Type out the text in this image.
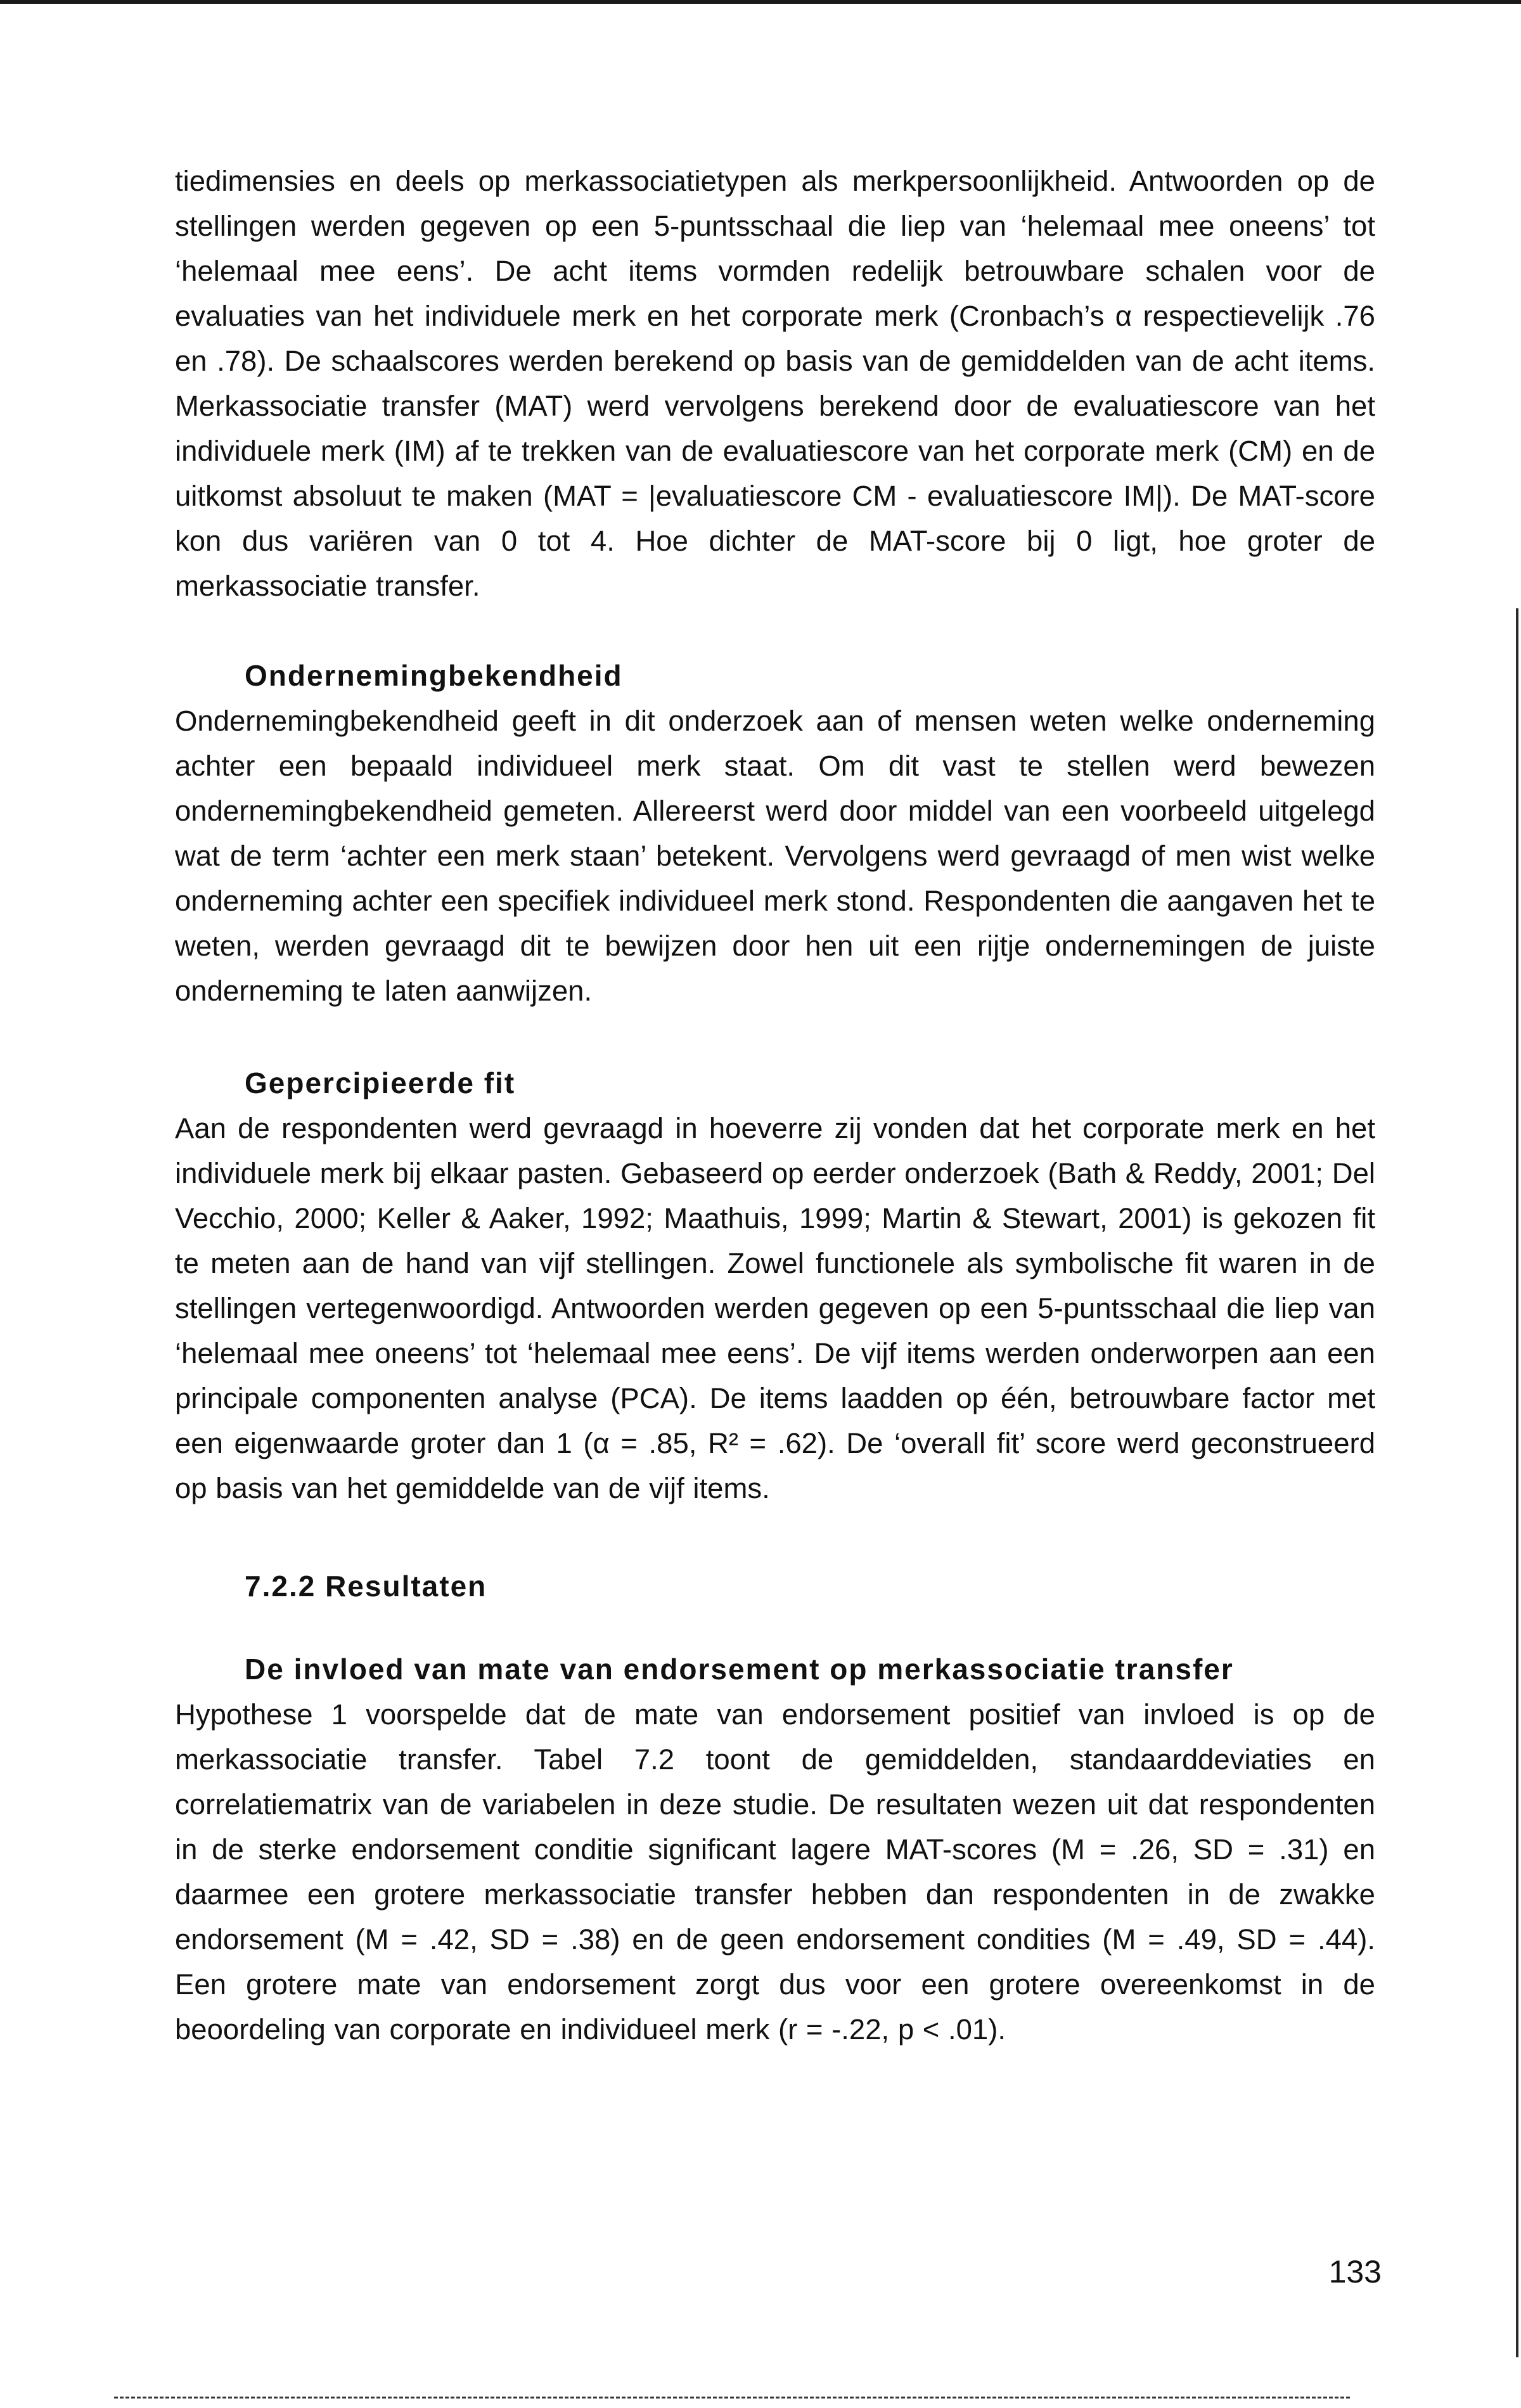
tiedimensies en deels op merkassociatietypen als merkpersoonlijkheid. Antwoorden op de stellingen werden gegeven op een 5-puntsschaal die liep van ‘helemaal mee oneens’ tot ‘helemaal mee eens’. De acht items vormden redelijk betrouwbare schalen voor de evaluaties van het individuele merk en het corporate merk (Cronbach’s α respectievelijk .76 en .78). De schaalscores werden berekend op basis van de gemiddelden van de acht items. Merkassociatie transfer (MAT) werd vervolgens berekend door de evaluatiescore van het individuele merk (IM) af te trekken van de evaluatiescore van het corporate merk (CM) en de uitkomst absoluut te maken (MAT = |evaluatiescore CM - evaluatiescore IM|). De MAT-score kon dus variëren van 0 tot 4. Hoe dichter de MAT-score bij 0 ligt, hoe groter de merkassociatie transfer.

Ondernemingbekendheid

Ondernemingbekendheid geeft in dit onderzoek aan of mensen weten welke onderneming achter een bepaald individueel merk staat. Om dit vast te stellen werd bewezen ondernemingbekendheid gemeten. Allereerst werd door middel van een voorbeeld uitgelegd wat de term ‘achter een merk staan’ betekent. Vervolgens werd gevraagd of men wist welke onderneming achter een specifiek individueel merk stond. Respondenten die aangaven het te weten, werden gevraagd dit te bewijzen door hen uit een rijtje ondernemingen de juiste onderneming te laten aanwijzen.

Gepercipieerde fit

Aan de respondenten werd gevraagd in hoeverre zij vonden dat het corporate merk en het individuele merk bij elkaar pasten. Gebaseerd op eerder onderzoek (Bath & Reddy, 2001; Del Vecchio, 2000; Keller & Aaker, 1992; Maathuis, 1999; Martin & Stewart, 2001) is gekozen fit te meten aan de hand van vijf stellingen. Zowel functionele als symbolische fit waren in de stellingen vertegenwoordigd. Antwoorden werden gegeven op een 5-puntsschaal die liep van ‘helemaal mee oneens’ tot ‘helemaal mee eens’. De vijf items werden onderworpen aan een principale componenten analyse (PCA). De items laadden op één, betrouwbare factor met een eigenwaarde groter dan 1 (α = .85, R² = .62). De ‘overall fit’ score werd geconstrueerd op basis van het gemiddelde van de vijf items.

7.2.2 Resultaten
De invloed van mate van endorsement op merkassociatie transfer

Hypothese 1 voorspelde dat de mate van endorsement positief van invloed is op de merkassociatie transfer. Tabel 7.2 toont de gemiddelden, standaarddeviaties en correlatiematrix van de variabelen in deze studie. De resultaten wezen uit dat respondenten in de sterke endorsement conditie significant lagere MAT-scores (M = .26, SD = .31) en daarmee een grotere merkassociatie transfer hebben dan respondenten in de zwakke endorsement (M = .42, SD = .38) en de geen endorsement condities (M = .49, SD = .44). Een grotere mate van endorsement zorgt dus voor een grotere overeenkomst in de beoordeling van corporate en individueel merk (r = -.22, p < .01).

133
